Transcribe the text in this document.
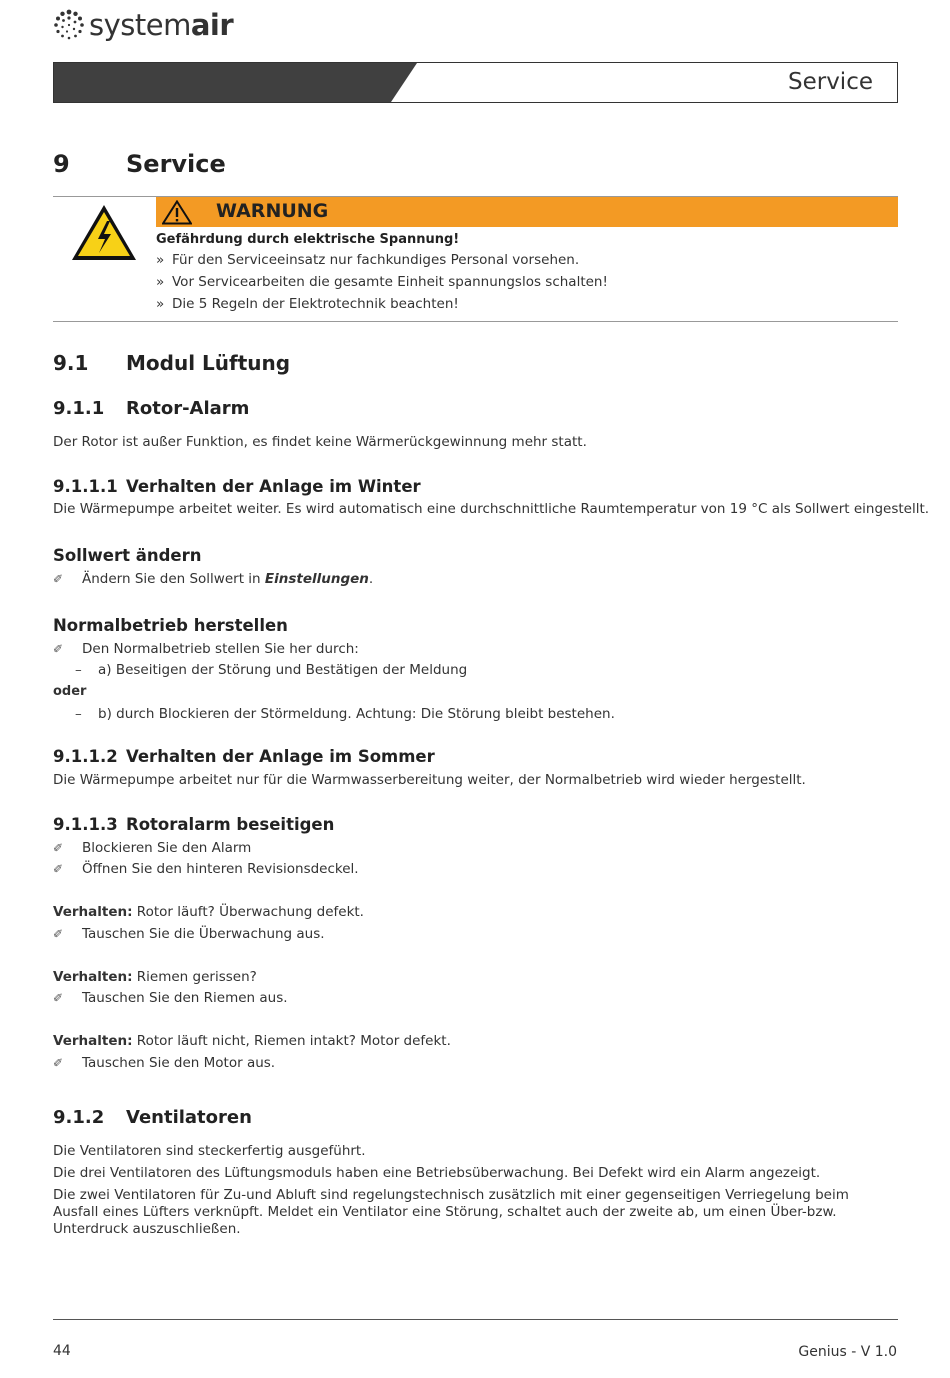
systemair
Service
9 Service
WARNUNG
Gefährdung durch elektrische Spannung!
» Für den Serviceeinsatz nur fachkundiges Personal vorsehen.
» Vor Servicearbeiten die gesamte Einheit spannungslos schalten!
» Die 5 Regeln der Elektrotechnik beachten!
9.1 Modul Lüftung
9.1.1 Rotor-Alarm
Der Rotor ist außer Funktion, es findet keine Wärmerückgewinnung mehr statt.
9.1.1.1 Verhalten der Anlage im Winter
Die Wärmepumpe arbeitet weiter. Es wird automatisch eine durchschnittliche Raumtemperatur von 19 °C als Sollwert eingestellt.
Sollwert ändern
✐ Ändern Sie den Sollwert in Einstellungen.
Normalbetrieb herstellen
✐ Den Normalbetrieb stellen Sie her durch:
– a) Beseitigen der Störung und Bestätigen der Meldung
oder
– b) durch Blockieren der Störmeldung. Achtung: Die Störung bleibt bestehen.
9.1.1.2 Verhalten der Anlage im Sommer
Die Wärmepumpe arbeitet nur für die Warmwasserbereitung weiter, der Normalbetrieb wird wieder hergestellt.
9.1.1.3 Rotoralarm beseitigen
✐ Blockieren Sie den Alarm
✐ Öffnen Sie den hinteren Revisionsdeckel.
Verhalten: Rotor läuft? Überwachung defekt.
✐ Tauschen Sie die Überwachung aus.
Verhalten: Riemen gerissen?
✐ Tauschen Sie den Riemen aus.
Verhalten: Rotor läuft nicht, Riemen intakt? Motor defekt.
✐ Tauschen Sie den Motor aus.
9.1.2 Ventilatoren
Die Ventilatoren sind steckerfertig ausgeführt.
Die drei Ventilatoren des Lüftungsmoduls haben eine Betriebsüberwachung. Bei Defekt wird ein Alarm angezeigt.
Die zwei Ventilatoren für Zu-und Abluft sind regelungstechnisch zusätzlich mit einer gegenseitigen Verriegelung beim Ausfall eines Lüfters verknüpft. Meldet ein Ventilator eine Störung, schaltet auch der zweite ab, um einen Über-bzw. Unterdruck auszuschließen.
44	Genius - V 1.0
